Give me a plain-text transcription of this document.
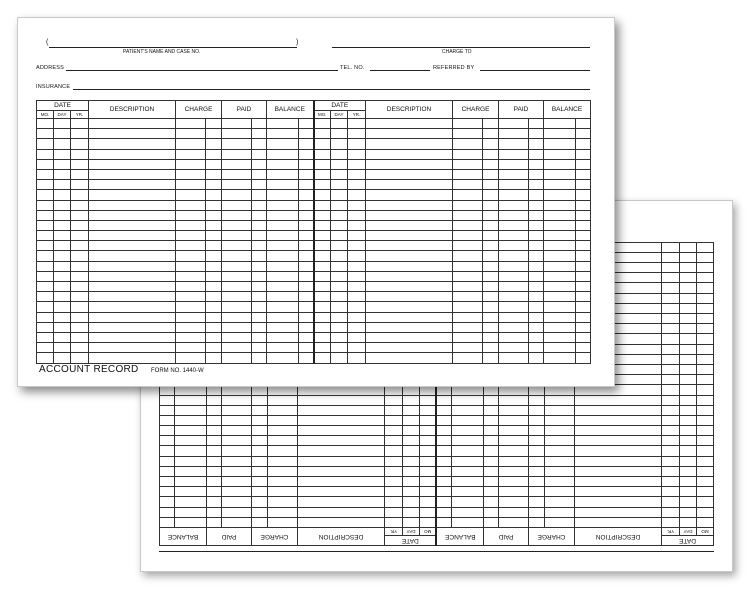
DATE			DESCRIPTION	CHARGE		PAID		BALANCE		DATE			DESCRIPTION	CHARGE		PAID		BALANCE	
MO	DAY	YR.								MO	DAY	YR.							

(	)
PATIENT'S NAME AND CASE NO.	CHARGE TO
ADDRESS	TEL. NO.	REFERRED BY
INSURANCE
DATE			DESCRIPTION	CHARGE		PAID		BALANCE		DATE			DESCRIPTION	CHARGE		PAID		BALANCE	
MO.	DAY	YR.								MO.	DAY	YR.							

ACCOUNT RECORD FORM NO. 1440-W
